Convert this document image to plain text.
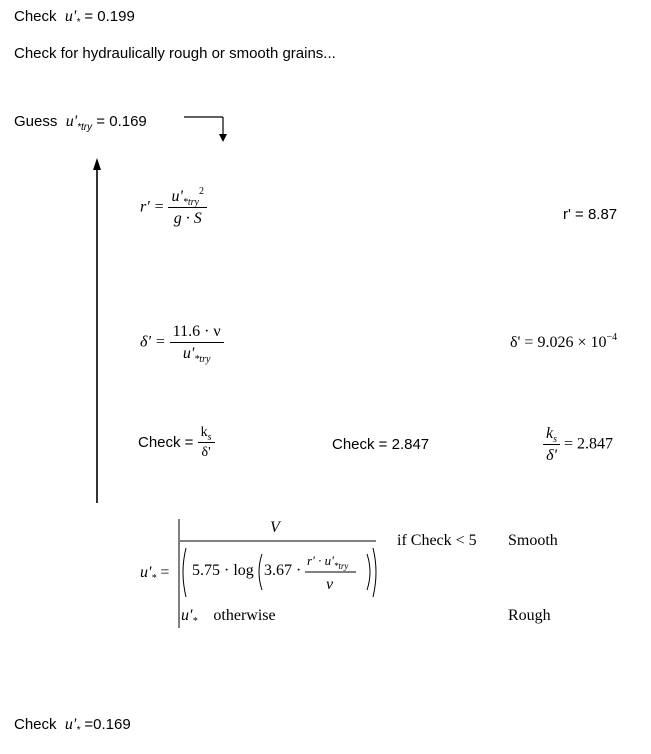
Check $u'_* = 0.199$
Check for hydraulically rough or smooth grains...
Guess $u'_{*try} = 0.169$
$r' = \frac{u'_{*try}^2}{g \cdot S}$	r' = 8.87
$\delta' = \frac{11.6 \cdot \nu}{u'_{*try}}$	$\delta' = 9.026 \times 10^{-4}$
Check = $\frac{k_s}{\delta'}$	Check = 2.847	$\frac{k_s}{\delta'} = 2.847$
$u'_*$ =
V
5.75 · log 3.67 ·
$r' \cdot u'_{*try}$
ν
if Check < 5 Smooth
$u'_*$ otherwise	Rough
Check $u'_* =0.169$
